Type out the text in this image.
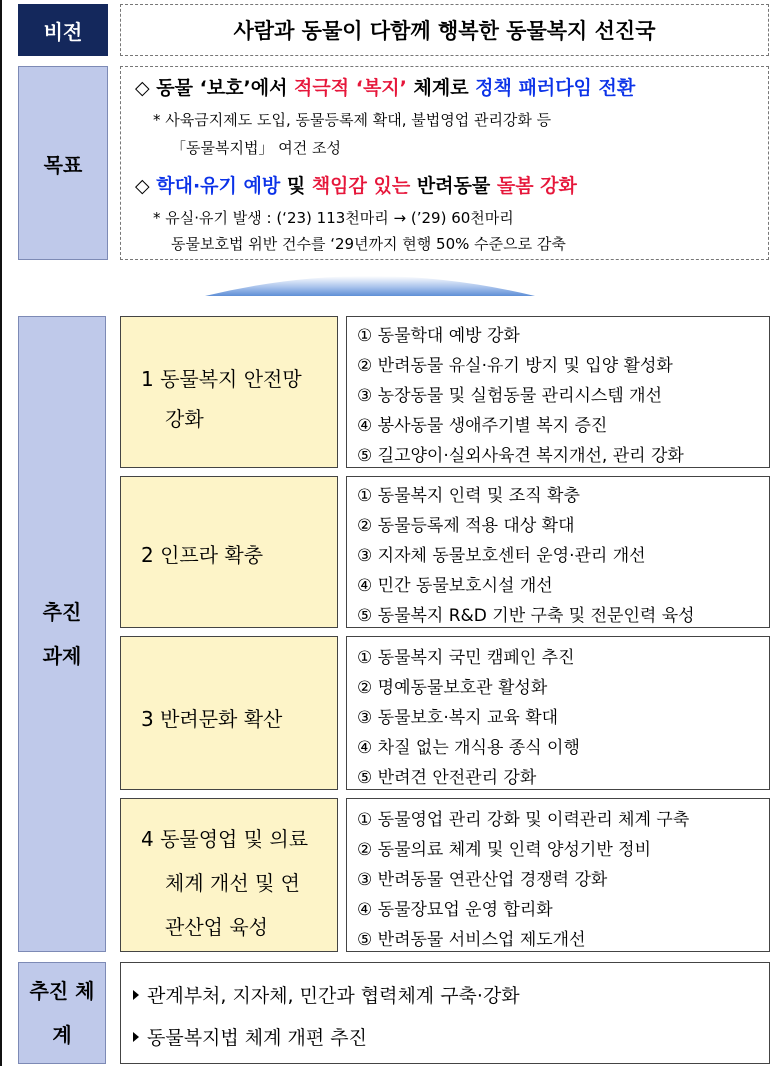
비전	사람과 동물이 다함께 행복한 동물복지 선진국
목표
◇ 동물 ‘보호’에서 적극적 ‘복지’ 체계로 정책 패러다임 전환
* 사육금지제도 도입, 동물등록제 확대, 불법영업 관리강화 등
「동물복지법」 여건 조성
◇ 학대·유기 예방 및 책임감 있는 반려동물 돌봄 강화
* 유실·유기 발생 : (‘23) 113천마리 → (’29) 60천마리
동물보호법 위반 건수를 ‘29년까지 현행 50% 수준으로 감축
추진
과제
1 동물복지 안전망
강화
① 동물학대 예방 강화
② 반려동물 유실·유기 방지 및 입양 활성화
③ 농장동물 및 실험동물 관리시스템 개선
④ 봉사동물 생애주기별 복지 증진
⑤ 길고양이·실외사육견 복지개선, 관리 강화
2 인프라 확충
① 동물복지 인력 및 조직 확충
② 동물등록제 적용 대상 확대
③ 지자체 동물보호센터 운영·관리 개선
④ 민간 동물보호시설 개선
⑤ 동물복지 R&D 기반 구축 및 전문인력 육성
3 반려문화 확산
① 동물복지 국민 캠페인 추진
② 명예동물보호관 활성화
③ 동물보호·복지 교육 확대
④ 차질 없는 개식용 종식 이행
⑤ 반려견 안전관리 강화
4 동물영업 및 의료
체계 개선 및 연
관산업 육성
① 동물영업 관리 강화 및 이력관리 체계 구축
② 동물의료 체계 및 인력 양성기반 정비
③ 반려동물 연관산업 경쟁력 강화
④ 동물장묘업 운영 합리화
⑤ 반려동물 서비스업 제도개선
추진 체
계
관계부처, 지자체, 민간과 협력체계 구축·강화
동물복지법 체계 개편 추진
